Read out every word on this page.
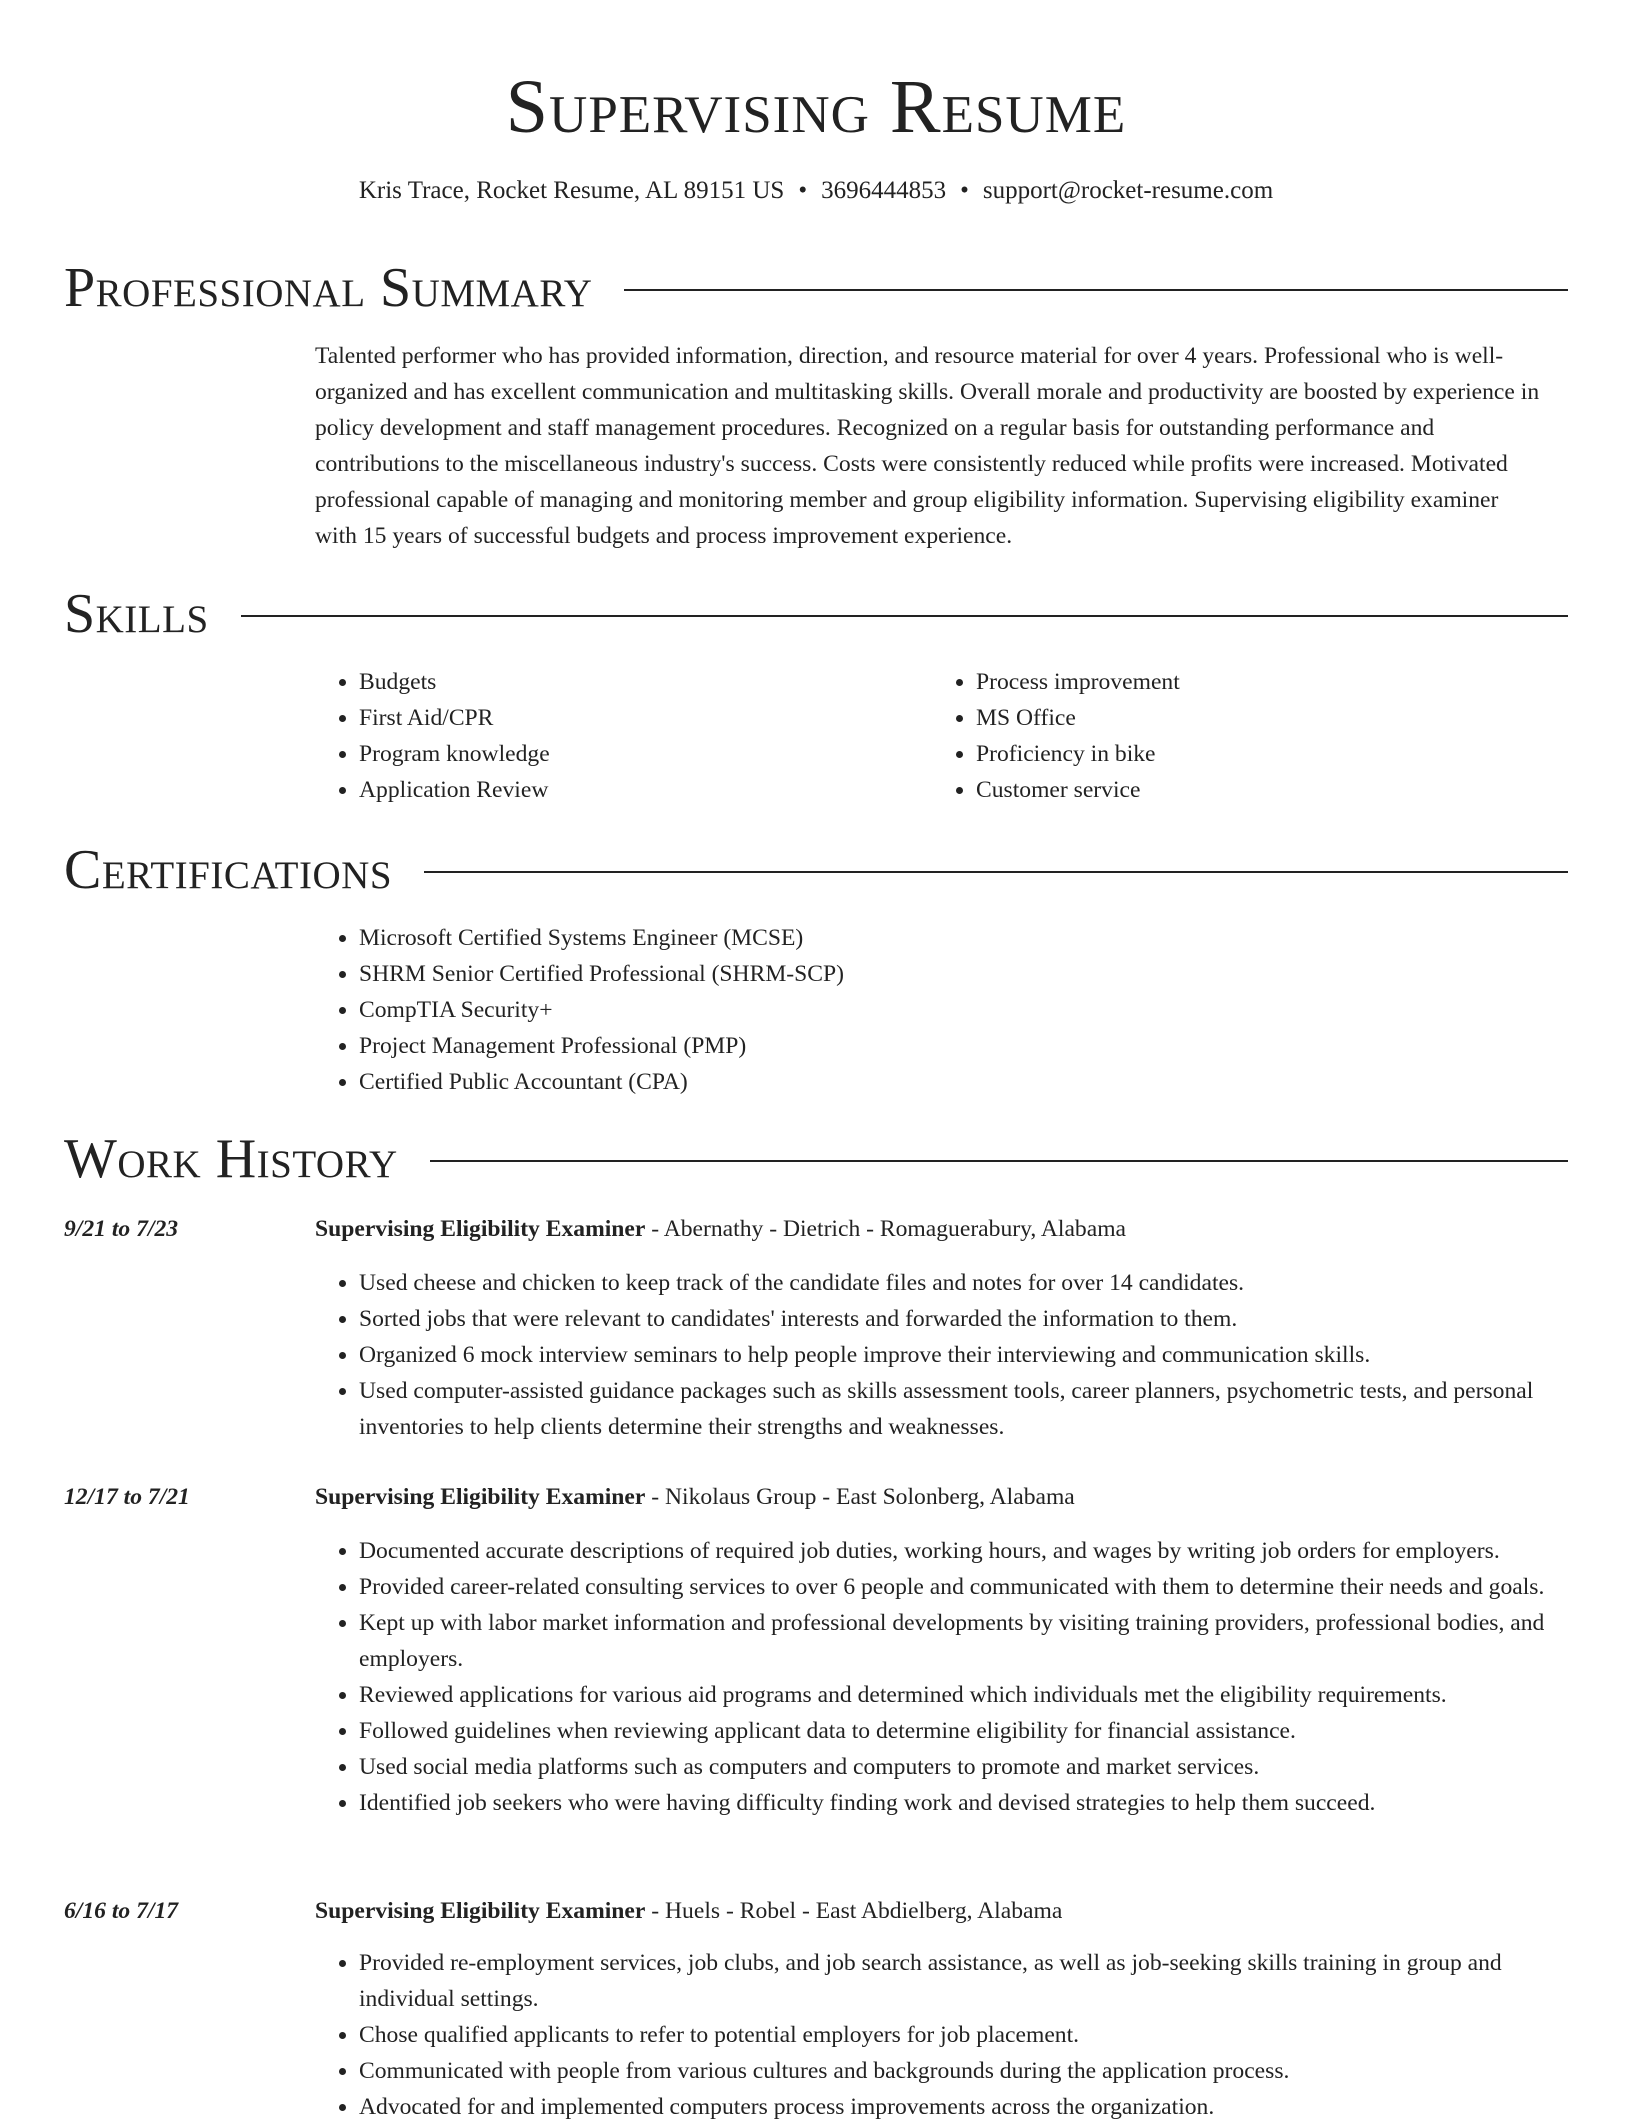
Supervising Resume
Kris Trace, Rocket Resume, AL 89151 US • 3696444853 • support@rocket-resume.com
Professional Summary
Talented performer who has provided information, direction, and resource material for over 4 years. Professional who is well-organized and has excellent communication and multitasking skills. Overall morale and productivity are boosted by experience in policy development and staff management procedures. Recognized on a regular basis for outstanding performance and contributions to the miscellaneous industry's success. Costs were consistently reduced while profits were increased. Motivated professional capable of managing and monitoring member and group eligibility information. Supervising eligibility examiner with 15 years of successful budgets and process improvement experience.
Skills
• Budgets
• First Aid/CPR
• Program knowledge
• Application Review
• Process improvement
• MS Office
• Proficiency in bike
• Customer service
Certifications
• Microsoft Certified Systems Engineer (MCSE)
• SHRM Senior Certified Professional (SHRM-SCP)
• CompTIA Security+
• Project Management Professional (PMP)
• Certified Public Accountant (CPA)
Work History
9/21 to 7/23	Supervising Eligibility Examiner - Abernathy - Dietrich - Romaguerabury, Alabama
• Used cheese and chicken to keep track of the candidate files and notes for over 14 candidates.
• Sorted jobs that were relevant to candidates' interests and forwarded the information to them.
• Organized 6 mock interview seminars to help people improve their interviewing and communication skills.
• Used computer-assisted guidance packages such as skills assessment tools, career planners, psychometric tests, and personal inventories to help clients determine their strengths and weaknesses.
12/17 to 7/21	Supervising Eligibility Examiner - Nikolaus Group - East Solonberg, Alabama
• Documented accurate descriptions of required job duties, working hours, and wages by writing job orders for employers.
• Provided career-related consulting services to over 6 people and communicated with them to determine their needs and goals.
• Kept up with labor market information and professional developments by visiting training providers, professional bodies, and employers.
• Reviewed applications for various aid programs and determined which individuals met the eligibility requirements.
• Followed guidelines when reviewing applicant data to determine eligibility for financial assistance.
• Used social media platforms such as computers and computers to promote and market services.
• Identified job seekers who were having difficulty finding work and devised strategies to help them succeed.
6/16 to 7/17	Supervising Eligibility Examiner - Huels - Robel - East Abdielberg, Alabama
• Provided re-employment services, job clubs, and job search assistance, as well as job-seeking skills training in group and individual settings.
• Chose qualified applicants to refer to potential employers for job placement.
• Communicated with people from various cultures and backgrounds during the application process.
• Advocated for and implemented computers process improvements across the organization.
